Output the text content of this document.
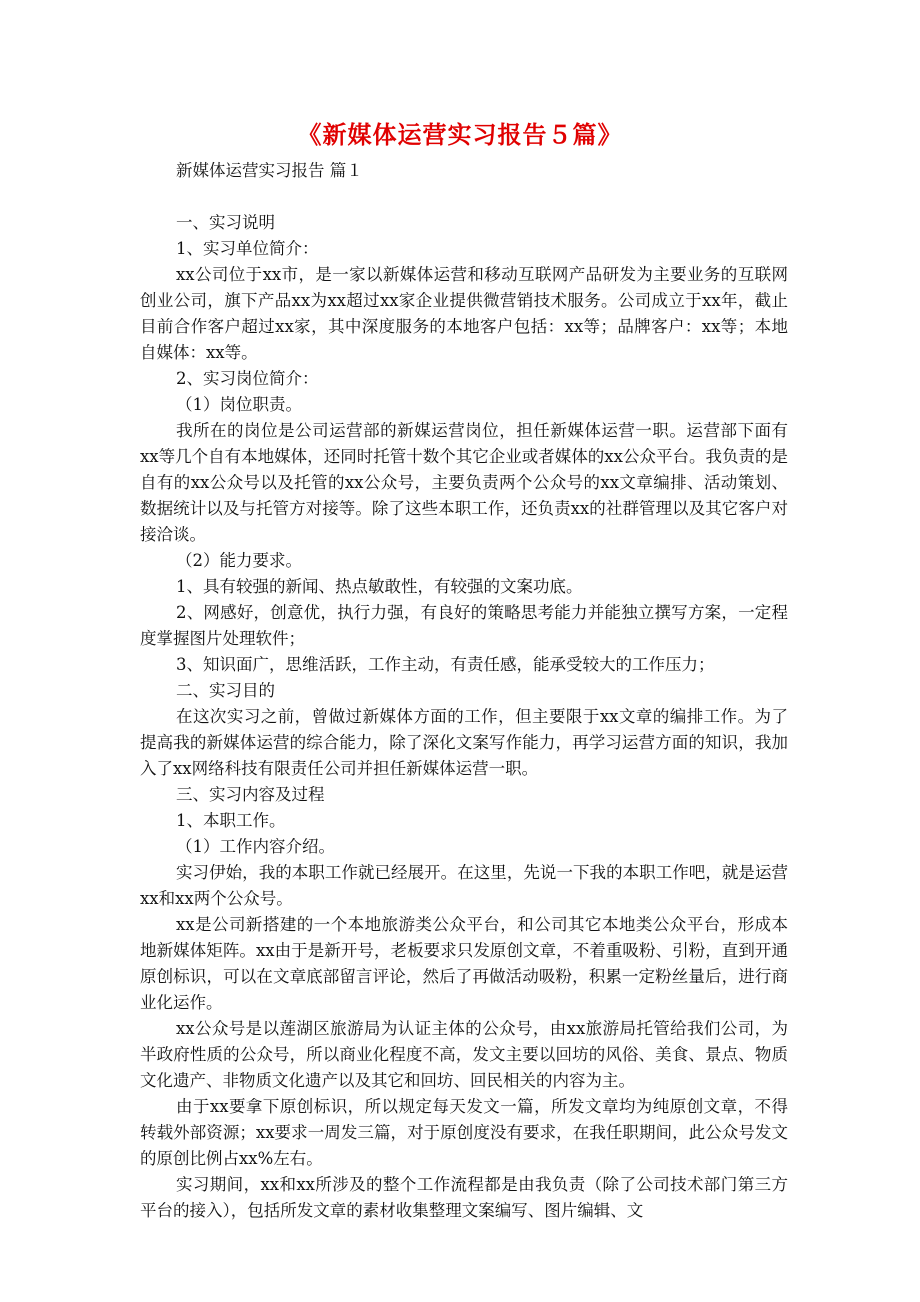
《新媒体运营实习报告５篇》

新媒体运营实习报告 篇１

一、实习说明

1、实习单位简介：

xx公司位于xx市，是一家以新媒体运营和移动互联网产品研发为主要业务的互联网创业公司，旗下产品xx为xx超过xx家企业提供微营销技术服务。公司成立于xx年，截止目前合作客户超过xx家，其中深度服务的本地客户包括：xx等；品牌客户：xx等；本地自媒体：xx等。

2、实习岗位简介：

（1）岗位职责。

我所在的岗位是公司运营部的新媒运营岗位，担任新媒体运营一职。运营部下面有xx等几个自有本地媒体，还同时托管十数个其它企业或者媒体的xx公众平台。我负责的是自有的xx公众号以及托管的xx公众号，主要负责两个公众号的xx文章编排、活动策划、数据统计以及与托管方对接等。除了这些本职工作，还负责xx的社群管理以及其它客户对接洽谈。

（2）能力要求。

1、具有较强的新闻、热点敏敢性，有较强的文案功底。

2、网感好，创意优，执行力强，有良好的策略思考能力并能独立撰写方案，一定程度掌握图片处理软件；

3、知识面广，思维活跃，工作主动，有责任感，能承受较大的工作压力；

二、实习目的

在这次实习之前，曾做过新媒体方面的工作，但主要限于xx文章的编排工作。为了提高我的新媒体运营的综合能力，除了深化文案写作能力，再学习运营方面的知识，我加入了xx网络科技有限责任公司并担任新媒体运营一职。

三、实习内容及过程

1、本职工作。

（1）工作内容介绍。

实习伊始，我的本职工作就已经展开。在这里，先说一下我的本职工作吧，就是运营xx和xx两个公众号。

xx是公司新搭建的一个本地旅游类公众平台，和公司其它本地类公众平台，形成本地新媒体矩阵。xx由于是新开号，老板要求只发原创文章，不着重吸粉、引粉，直到开通原创标识，可以在文章底部留言评论，然后了再做活动吸粉，积累一定粉丝量后，进行商业化运作。

xx公众号是以莲湖区旅游局为认证主体的公众号，由xx旅游局托管给我们公司，为半政府性质的公众号，所以商业化程度不高，发文主要以回坊的风俗、美食、景点、物质文化遗产、非物质文化遗产以及其它和回坊、回民相关的内容为主。

由于xx要拿下原创标识，所以规定每天发文一篇，所发文章均为纯原创文章，不得转载外部资源；xx要求一周发三篇，对于原创度没有要求，在我任职期间，此公众号发文的原创比例占xx%左右。

实习期间，xx和xx所涉及的整个工作流程都是由我负责（除了公司技术部门第三方平台的接入），包括所发文章的素材收集整理文案编写、图片编辑、文
